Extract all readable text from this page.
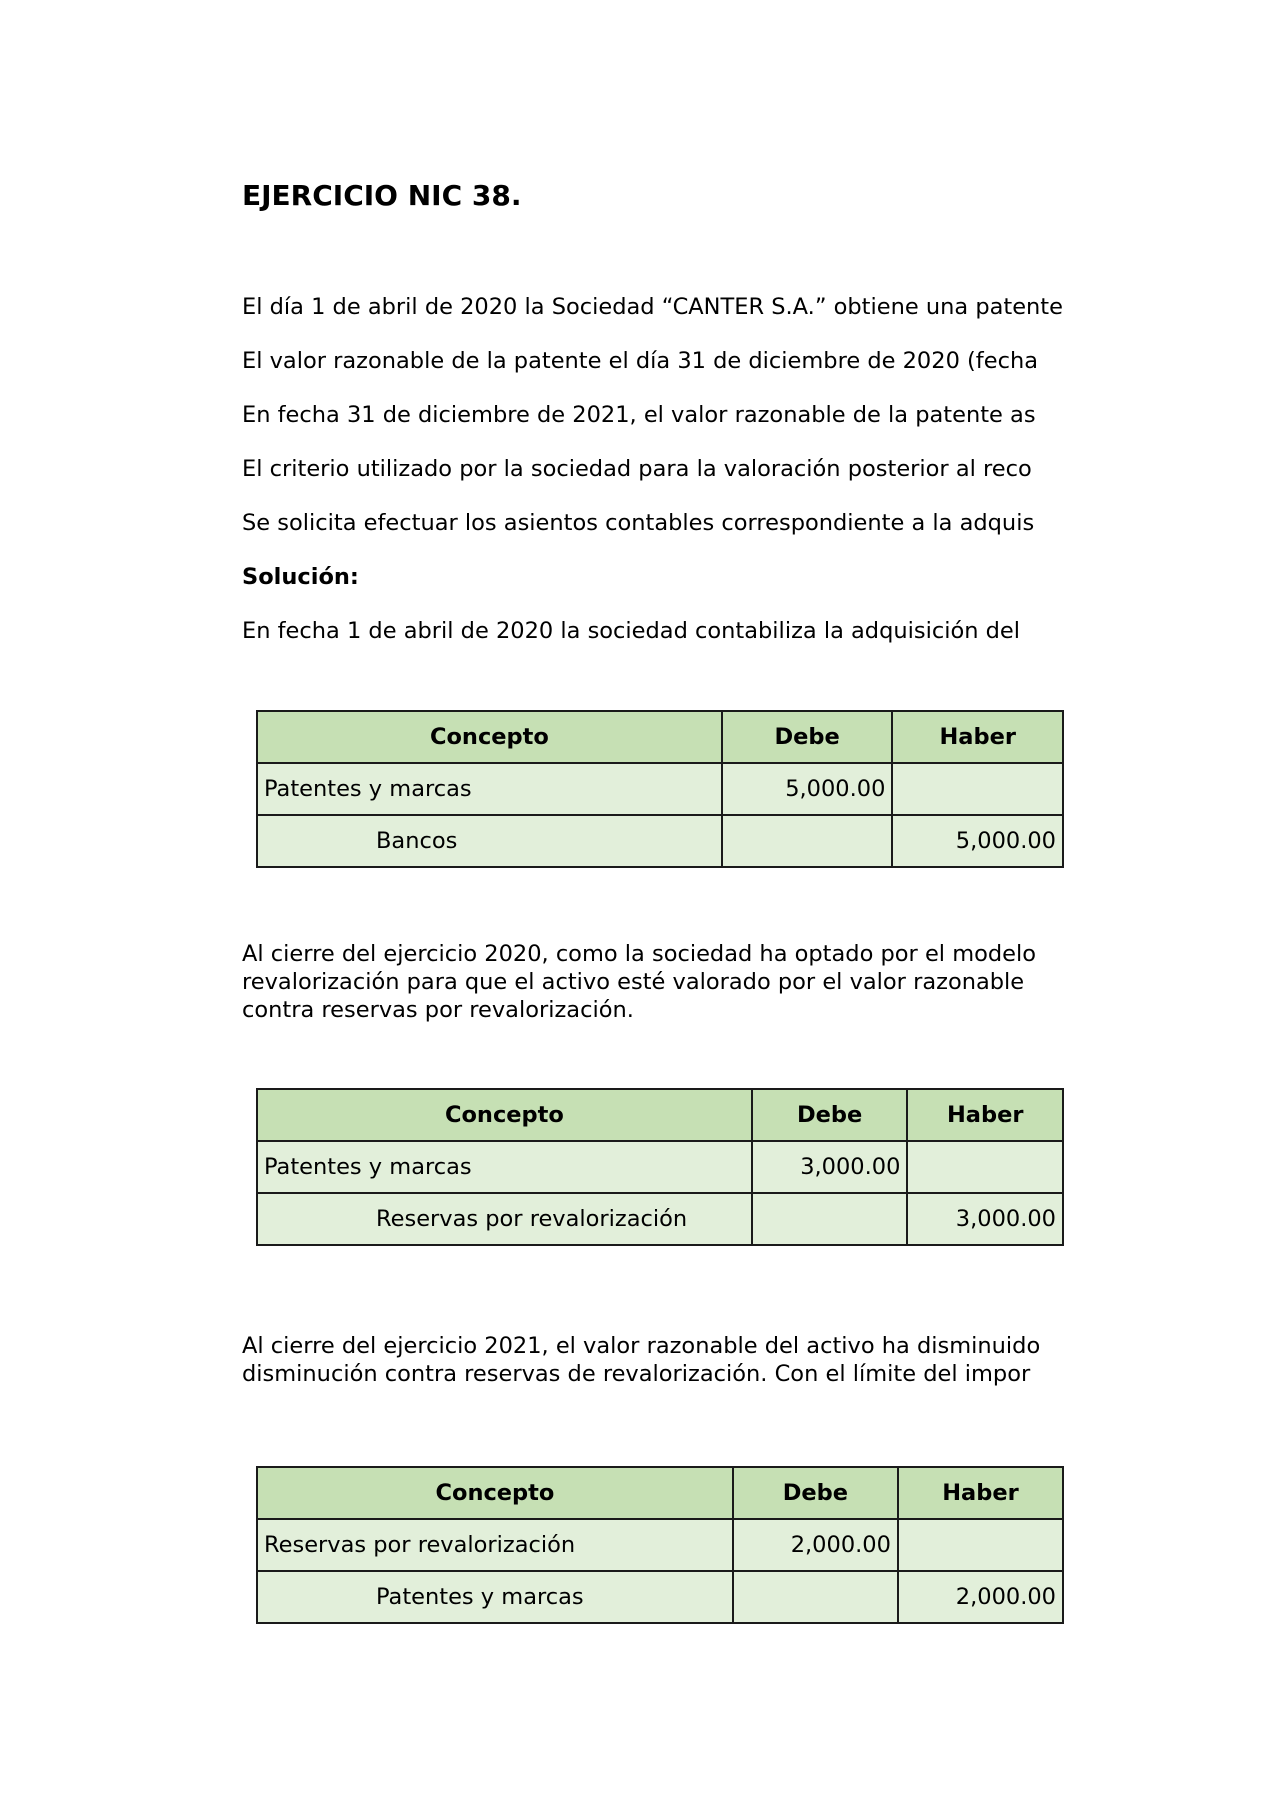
EJERCICIO NIC 38.
El día 1 de abril de 2020 la Sociedad “CANTER S.A.” obtiene una patente
El valor razonable de la patente el día 31 de diciembre de 2020 (fecha
En fecha 31 de diciembre de 2021, el valor razonable de la patente as
El criterio utilizado por la sociedad para la valoración posterior al reco
Se solicita efectuar los asientos contables correspondiente a la adquis
Solución:
En fecha 1 de abril de 2020 la sociedad contabiliza la adquisición del
Concepto	Debe	Haber
Patentes y marcas	5,000.00	
Bancos		5,000.00
Al cierre del ejercicio 2020, como la sociedad ha optado por el modelo
revalorización para que el activo esté valorado por el valor razonable
contra reservas por revalorización.
Concepto	Debe	Haber
Patentes y marcas	3,000.00	
Reservas por revalorización		3,000.00
Al cierre del ejercicio 2021, el valor razonable del activo ha disminuido
disminución contra reservas de revalorización. Con el límite del impor
Concepto	Debe	Haber
Reservas por revalorización	2,000.00	
Patentes y marcas		2,000.00
